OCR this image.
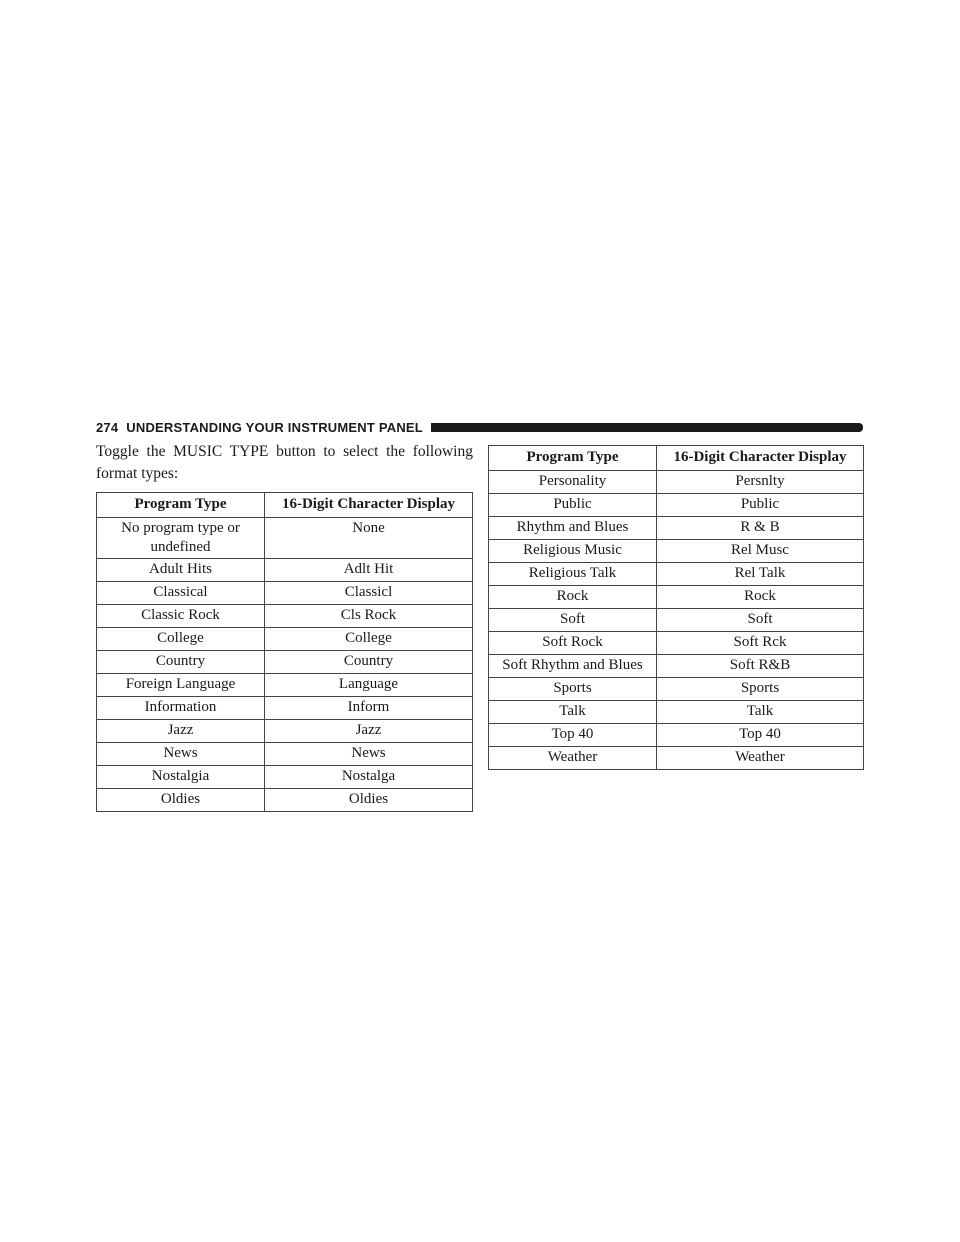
274 UNDERSTANDING YOUR INSTRUMENT PANEL

Toggle the MUSIC TYPE button to select the following format types:

Program Type	16-Digit Character Display
No program type or undefined	None
Adult Hits	Adlt Hit
Classical	Classicl
Classic Rock	Cls Rock
College	College
Country	Country
Foreign Language	Language
Information	Inform
Jazz	Jazz
News	News
Nostalgia	Nostalga
Oldies	Oldies
Program Type	16-Digit Character Display
Personality	Persnlty
Public	Public
Rhythm and Blues	R & B
Religious Music	Rel Musc
Religious Talk	Rel Talk
Rock	Rock
Soft	Soft
Soft Rock	Soft Rck
Soft Rhythm and Blues	Soft R&B
Sports	Sports
Talk	Talk
Top 40	Top 40
Weather	Weather
